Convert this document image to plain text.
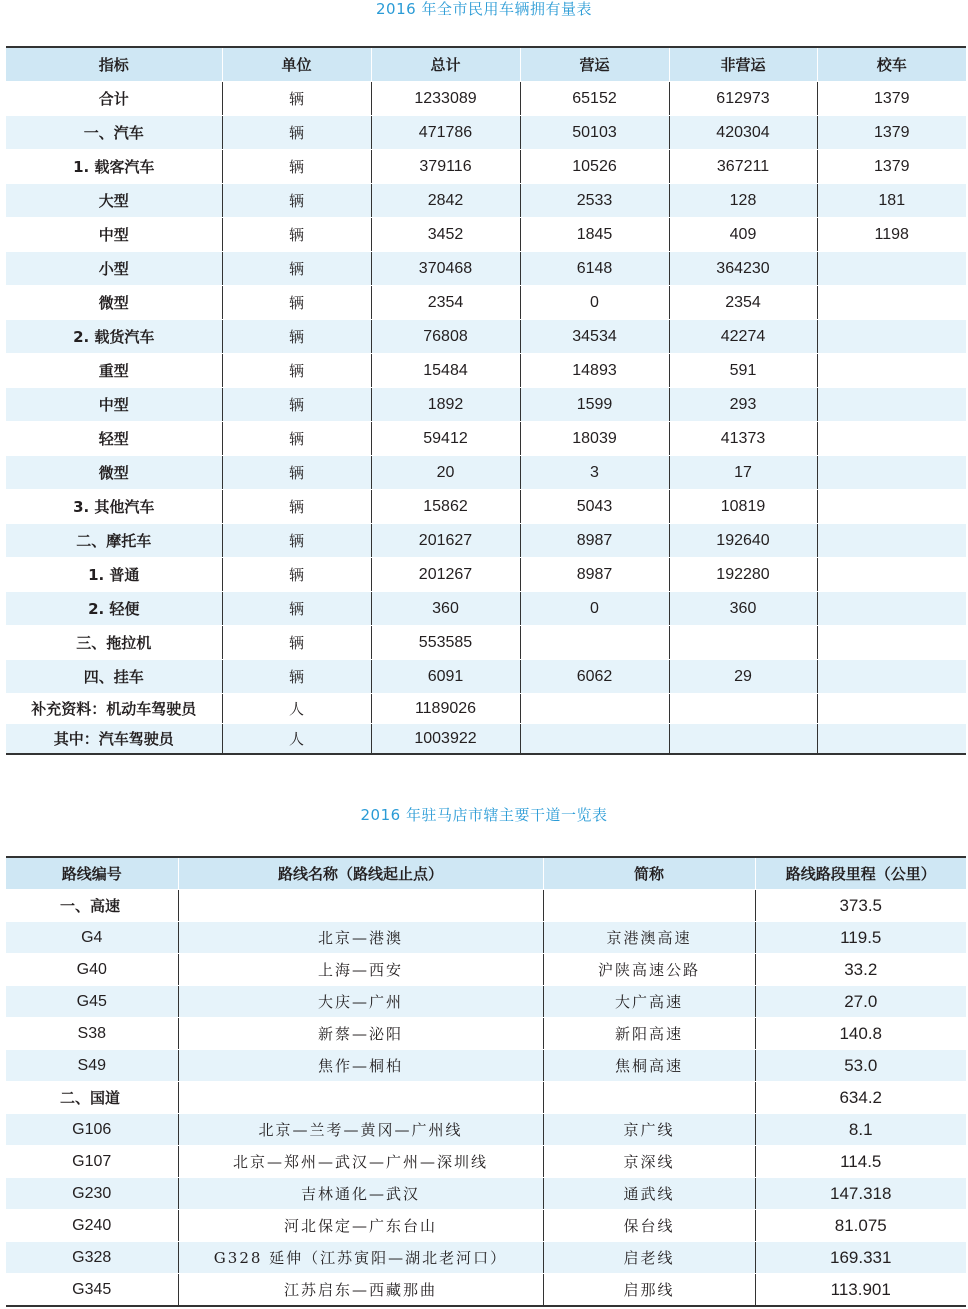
2016 年全市民用车辆拥有量表
指标	单位	总计	营运	非营运	校车
合计	辆	1233089	65152	612973	1379
一、汽车	辆	471786	50103	420304	1379
1. 载客汽车	辆	379116	10526	367211	1379
大型	辆	2842	2533	128	181
中型	辆	3452	1845	409	1198
小型	辆	370468	6148	364230	
微型	辆	2354	0	2354	
2. 载货汽车	辆	76808	34534	42274	
重型	辆	15484	14893	591	
中型	辆	1892	1599	293	
轻型	辆	59412	18039	41373	
微型	辆	20	3	17	
3. 其他汽车	辆	15862	5043	10819	
二、摩托车	辆	201627	8987	192640	
1. 普通	辆	201267	8987	192280	
2. 轻便	辆	360	0	360	
三、拖拉机	辆	553585			
四、挂车	辆	6091	6062	29	
补充资料：机动车驾驶员	人	1189026			
其中：汽车驾驶员	人	1003922			
2016 年驻马店市辖主要干道一览表
路线编号	路线名称（路线起止点）	简称	路线路段里程（公里）
一、高速			373.5
G4	北京—港澳	京港澳高速	119.5
G40	上海—西安	沪陕高速公路	33.2
G45	大庆—广州	大广高速	27.0
S38	新蔡—泌阳	新阳高速	140.8
S49	焦作—桐柏	焦桐高速	53.0
二、国道			634.2
G106	北京—兰考—黄冈—广州线	京广线	8.1
G107	北京—郑州—武汉—广州—深圳线	京深线	114.5
G230	吉林通化—武汉	通武线	147.318
G240	河北保定—广东台山	保台线	81.075
G328	G328 延伸（江苏寅阳—湖北老河口）	启老线	169.331
G345	江苏启东—西藏那曲	启那线	113.901
